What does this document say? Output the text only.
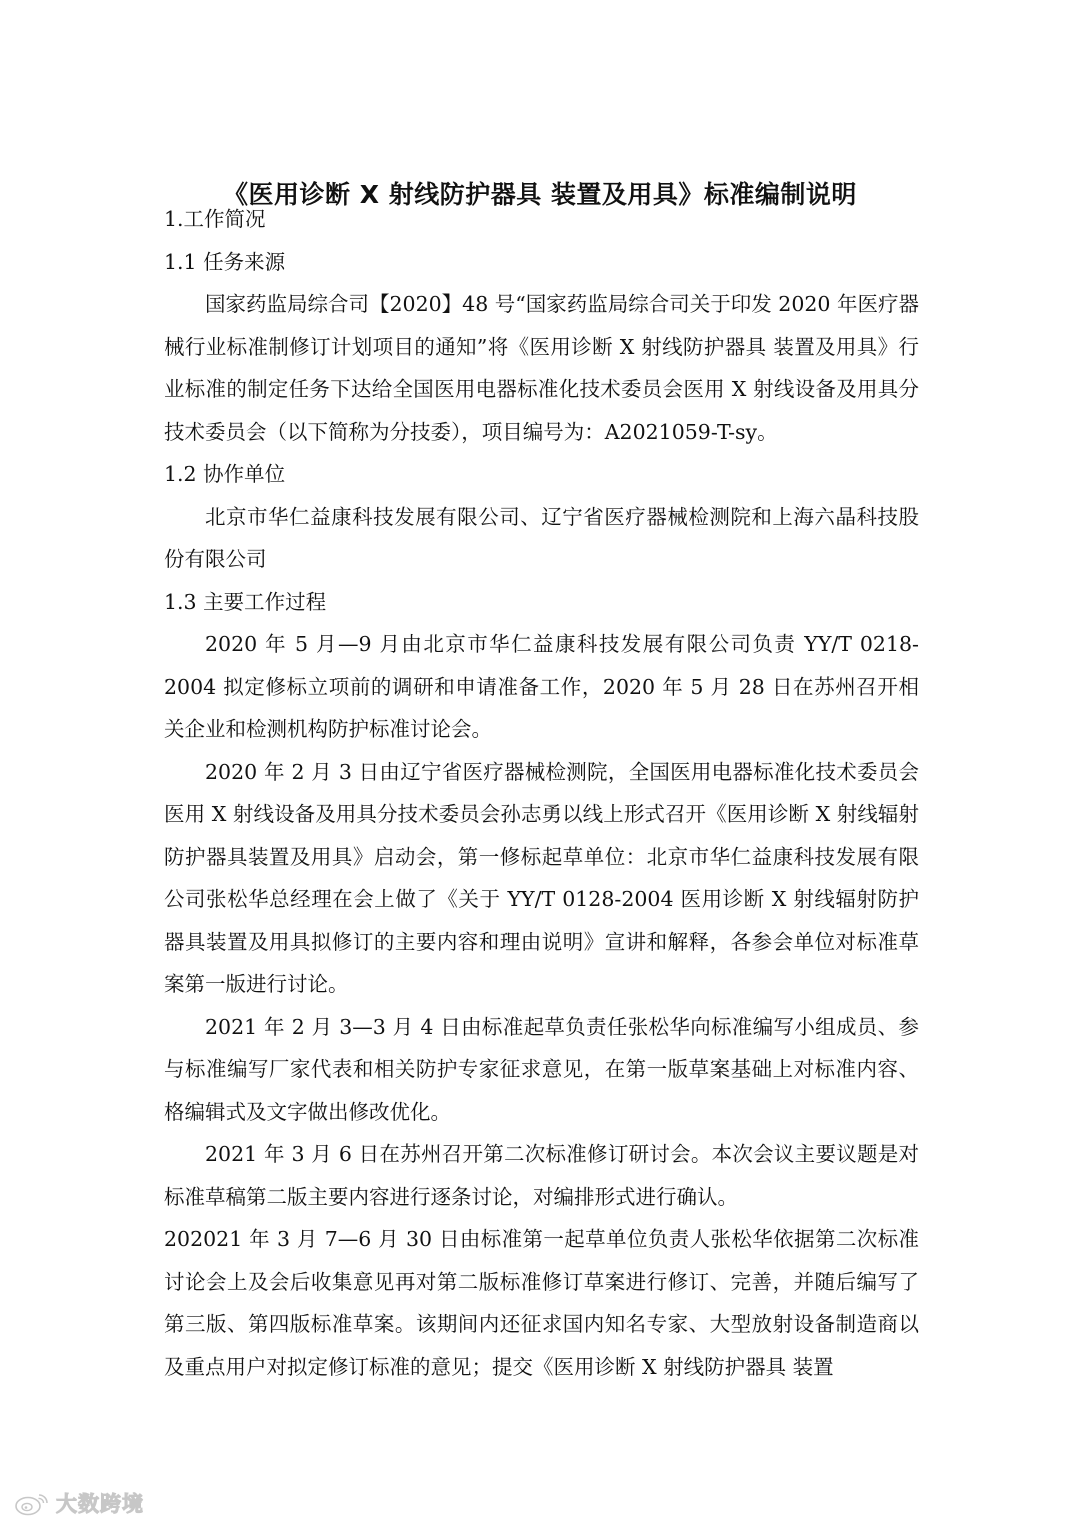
《医用诊断 X 射线防护器具 装置及用具》标准编制说明

1.工作简况

1.1 任务来源

国家药监局综合司【2020】48 号“国家药监局综合司关于印发 2020 年医疗器械行业标准制修订计划项目的通知”将《医用诊断 X 射线防护器具 装置及用具》行业标准的制定任务下达给全国医用电器标准化技术委员会医用 X 射线设备及用具分技术委员会（以下简称为分技委），项目编号为：A2021059-T-sy。

1.2 协作单位

北京市华仁益康科技发展有限公司、辽宁省医疗器械检测院和上海六晶科技股份有限公司

1.3 主要工作过程

2020 年 5 月—9 月由北京市华仁益康科技发展有限公司负责 YY/T 0218-2004 拟定修标立项前的调研和申请准备工作，2020 年 5 月 28 日在苏州召开相关企业和检测机构防护标准讨论会。

2020 年 2 月 3 日由辽宁省医疗器械检测院，全国医用电器标准化技术委员会医用 X 射线设备及用具分技术委员会孙志勇以线上形式召开《医用诊断 X 射线辐射防护器具装置及用具》启动会，第一修标起草单位：北京市华仁益康科技发展有限公司张松华总经理在会上做了《关于 YY/T 0128-2004 医用诊断 X 射线辐射防护器具装置及用具拟修订的主要内容和理由说明》宣讲和解释，各参会单位对标准草案第一版进行讨论。

2021 年 2 月 3—3 月 4 日由标准起草负责任张松华向标准编写小组成员、参与标准编写厂家代表和相关防护专家征求意见，在第一版草案基础上对标准内容、格编辑式及文字做出修改优化。

2021 年 3 月 6 日在苏州召开第二次标准修订研讨会。本次会议主要议题是对标准草稿第二版主要内容进行逐条讨论，对编排形式进行确认。

202021 年 3 月 7—6 月 30 日由标准第一起草单位负责人张松华依据第二次标准讨论会上及会后收集意见再对第二版标准修订草案进行修订、完善，并随后编写了第三版、第四版标准草案。该期间内还征求国内知名专家、大型放射设备制造商以及重点用户对拟定修订标准的意见；提交《医用诊断 X 射线防护器具 装置

大数跨境
